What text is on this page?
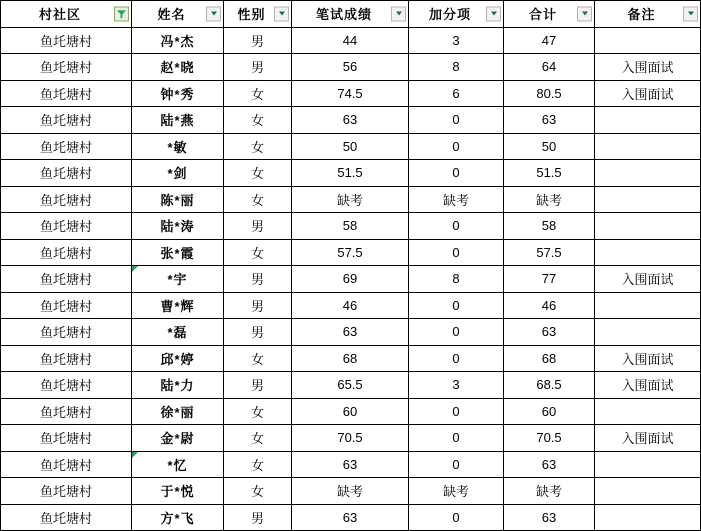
村社区	姓名	性别	笔试成绩	加分项	合计	备注

鱼圫塘村	冯*杰	男	44	3	47	
鱼圫塘村	赵*晓	男	56	8	64	入围面试
鱼圫塘村	钟*秀	女	74.5	6	80.5	入围面试
鱼圫塘村	陆*燕	女	63	0	63	
鱼圫塘村	*敏	女	50	0	50	
鱼圫塘村	*剑	女	51.5	0	51.5	
鱼圫塘村	陈*丽	女	缺考	缺考	缺考	
鱼圫塘村	陆*涛	男	58	0	58	
鱼圫塘村	张*霞	女	57.5	0	57.5	
鱼圫塘村	*宇	男	69	8	77	入围面试
鱼圫塘村	曹*辉	男	46	0	46	
鱼圫塘村	*磊	男	63	0	63	
鱼圫塘村	邱*婷	女	68	0	68	入围面试
鱼圫塘村	陆*力	男	65.5	3	68.5	入围面试
鱼圫塘村	徐*丽	女	60	0	60	
鱼圫塘村	金*尉	女	70.5	0	70.5	入围面试
鱼圫塘村	*忆	女	63	0	63	
鱼圫塘村	于*悦	女	缺考	缺考	缺考	
鱼圫塘村	方*飞	男	63	0	63	
